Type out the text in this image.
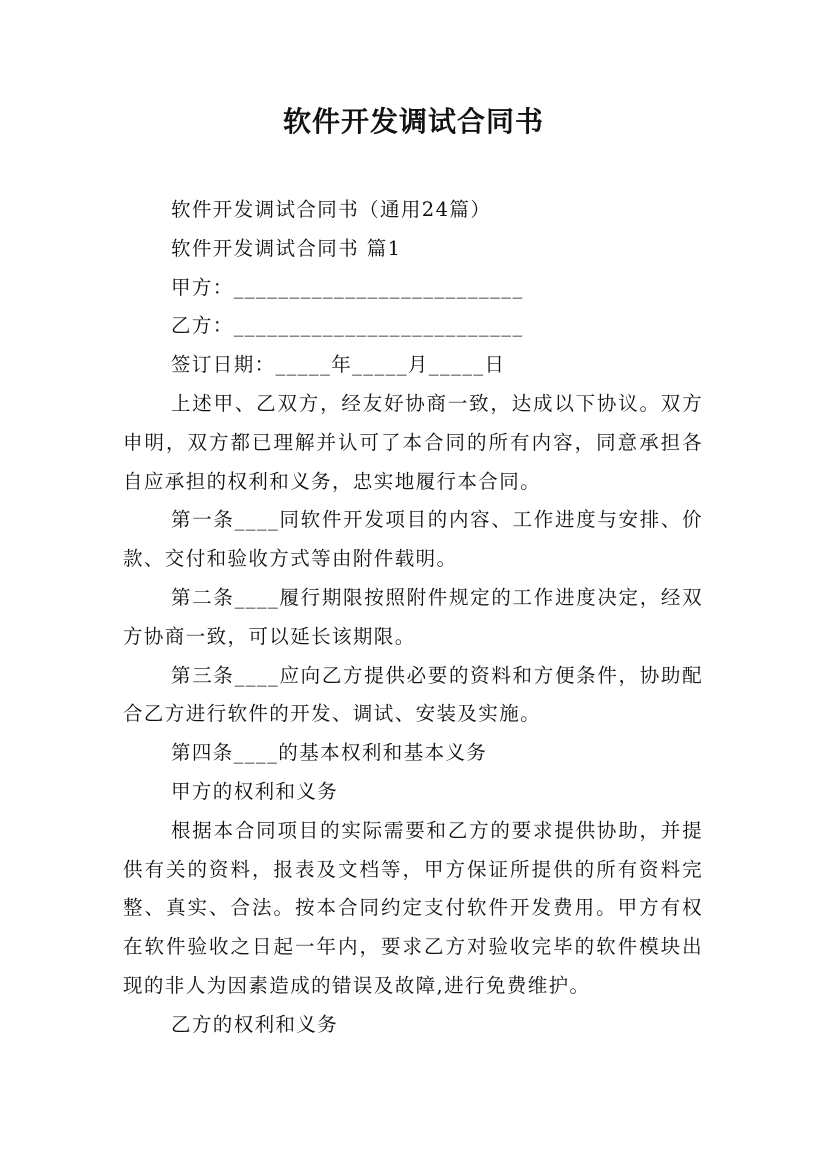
软件开发调试合同书

软件开发调试合同书（通用24篇）

软件开发调试合同书 篇1

甲方：__________________________

乙方：__________________________

签订日期：_____年_____月_____日

上述甲、乙双方，经友好协商一致，达成以下协议。双方申明，双方都已理解并认可了本合同的所有内容，同意承担各自应承担的权利和义务，忠实地履行本合同。

第一条____同软件开发项目的内容、工作进度与安排、价款、交付和验收方式等由附件载明。

第二条____履行期限按照附件规定的工作进度决定，经双方协商一致，可以延长该期限。

第三条____应向乙方提供必要的资料和方便条件，协助配合乙方进行软件的开发、调试、安装及实施。

第四条____的基本权利和基本义务

甲方的权利和义务

根据本合同项目的实际需要和乙方的要求提供协助，并提供有关的资料，报表及文档等，甲方保证所提供的所有资料完整、真实、合法。按本合同约定支付软件开发费用。甲方有权在软件验收之日起一年内，要求乙方对验收完毕的软件模块出现的非人为因素造成的错误及故障,进行免费维护。

乙方的权利和义务
